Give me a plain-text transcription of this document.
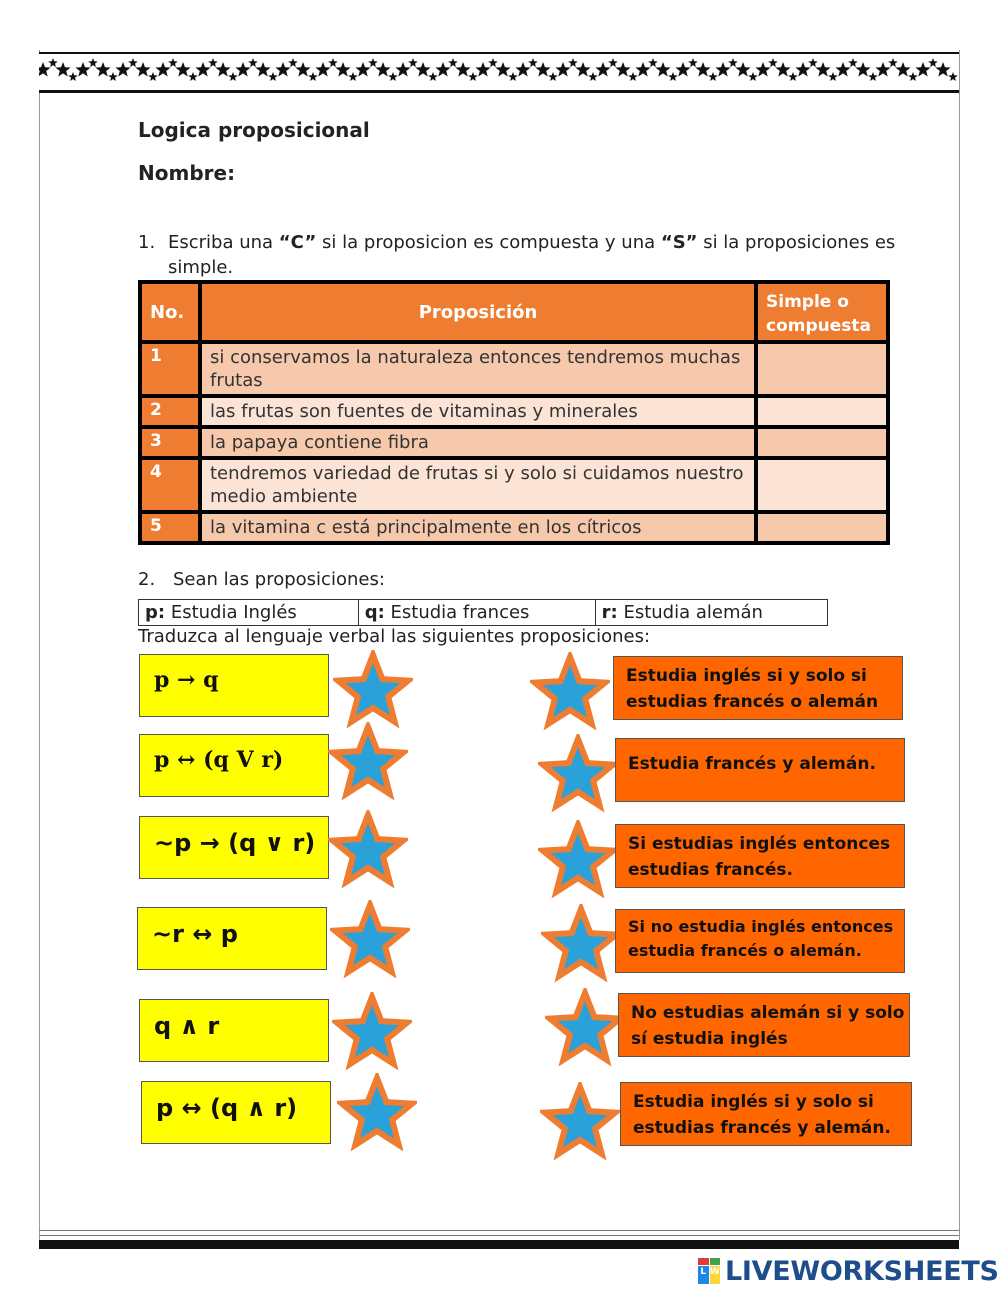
Logica proposicional
Nombre:
1. Escriba una “C” si la proposicion es compuesta y una “S” si la proposiciones es simple.
No.	Proposición	Simple o compuesta
1	si conservamos la naturaleza entonces tendremos muchas frutas	
2	las frutas son fuentes de vitaminas y minerales	
3	la papaya contiene fibra	
4	tendremos variedad de frutas si y solo si cuidamos nuestro medio ambiente	
5	la vitamina c está principalmente en los cítricos	
2. Sean las proposiciones:
p: Estudia Inglés	q: Estudia frances	r: Estudia alemán
Traduzca al lenguaje verbal las siguientes proposiciones:
p → q
p ↔ (q V r)
~p → (q ∨ r)
~r ↔ p
q ∧ r
p ↔ (q ∧ r)
Estudia inglés si y solo si estudias francés o alemán
Estudia francés y alemán.
Si estudias inglés entonces estudias francés.
Si no estudia inglés entonces estudia francés o alemán.
No estudias alemán si y solo sí estudia inglés
Estudia inglés si y solo si estudias francés y alemán.
L W LIVEWORKSHEETS
